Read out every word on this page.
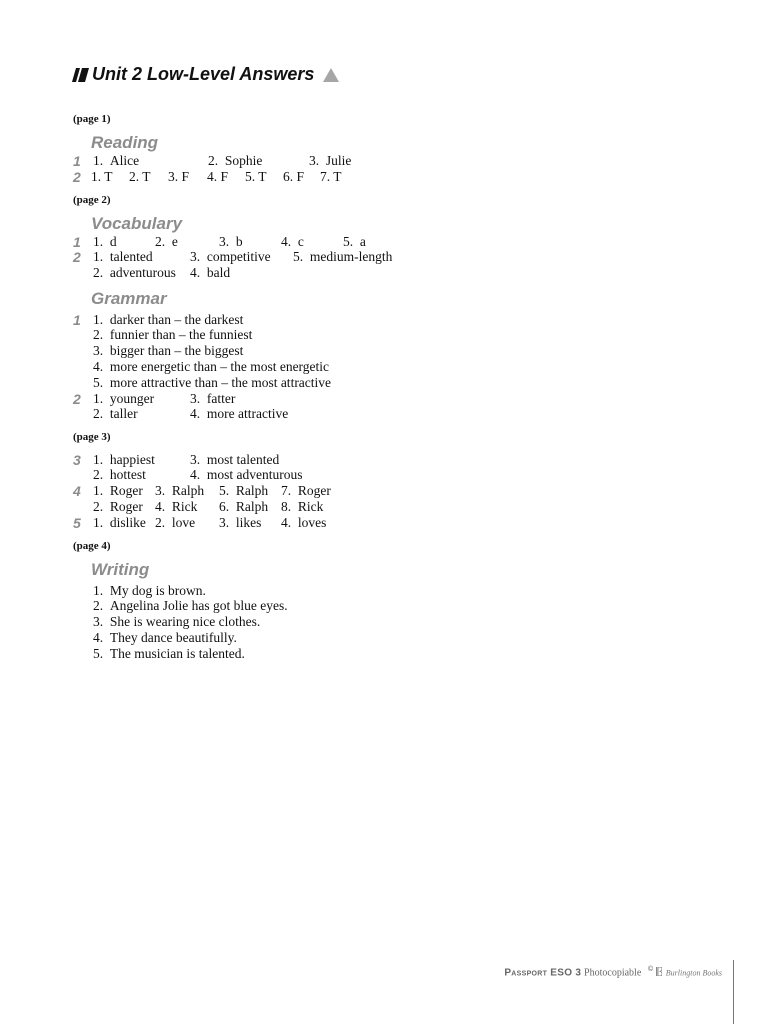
Unit 2 Low-Level Answers
(page 1)
Reading
1 1. Alice	2. Sophie	3. Julie
2 1. T 2. T 3. F 4. F 5. T 6. F 7. T
(page 2)
Vocabulary
1 1. d	2. e	3. b	4. c	5. a
2 1. talented	3. competitive 5. medium-length
2. adventurous 4. bald
Grammar
1 1. darker than – the darkest
2. funnier than – the funniest
3. bigger than – the biggest
4. more energetic than – the most energetic
5. more attractive than – the most attractive
2 1. younger	3. fatter
2. taller	4. more attractive
(page 3)
3 1. happiest	3. most talented
2. hottest	4. most adventurous
4 1. Roger 3. Ralph 5. Ralph 7. Roger
2. Roger 4. Rick 6. Ralph 8. Rick
5 1. dislike 2. love 3. likes 4. loves
(page 4)
Writing
1. My dog is brown.
2. Angelina Jolie has got blue eyes.
3. She is wearing nice clothes.
4. They dance beautifully.
5. The musician is talented.
Passport ESO 3 Photocopiable © Burlington Books
